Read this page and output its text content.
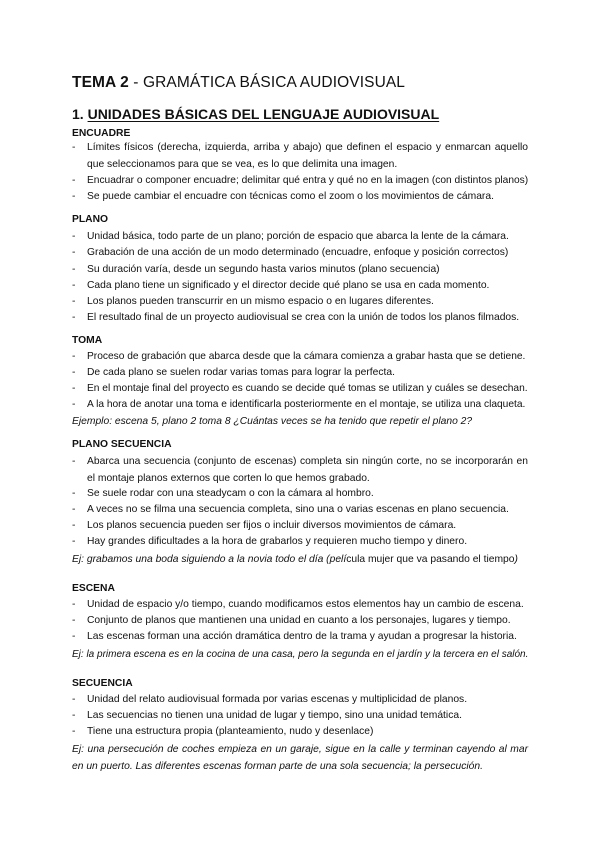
TEMA 2 - GRAMÁTICA BÁSICA AUDIOVISUAL
1. UNIDADES BÁSICAS DEL LENGUAJE AUDIOVISUAL
ENCUADRE
- Límites físicos (derecha, izquierda, arriba y abajo) que definen el espacio y enmarcan aquello que seleccionamos para que se vea, es lo que delimita una imagen.
- Encuadrar o componer encuadre; delimitar qué entra y qué no en la imagen (con distintos planos)
- Se puede cambiar el encuadre con técnicas como el zoom o los movimientos de cámara.
PLANO
- Unidad básica, todo parte de un plano; porción de espacio que abarca la lente de la cámara.
- Grabación de una acción de un modo determinado (encuadre, enfoque y posición correctos)
- Su duración varía, desde un segundo hasta varios minutos (plano secuencia)
- Cada plano tiene un significado y el director decide qué plano se usa en cada momento.
- Los planos pueden transcurrir en un mismo espacio o en lugares diferentes.
- El resultado final de un proyecto audiovisual se crea con la unión de todos los planos filmados.
TOMA
- Proceso de grabación que abarca desde que la cámara comienza a grabar hasta que se detiene.
- De cada plano se suelen rodar varias tomas para lograr la perfecta.
- En el montaje final del proyecto es cuando se decide qué tomas se utilizan y cuáles se desechan.
- A la hora de anotar una toma e identificarla posteriormente en el montaje, se utiliza una claqueta.
Ejemplo: escena 5, plano 2 toma 8 ¿Cuántas veces se ha tenido que repetir el plano 2?
PLANO SECUENCIA
- Abarca una secuencia (conjunto de escenas) completa sin ningún corte, no se incorporarán en el montaje planos externos que corten lo que hemos grabado.
- Se suele rodar con una steadycam o con la cámara al hombro.
- A veces no se filma una secuencia completa, sino una o varias escenas en plano secuencia.
- Los planos secuencia pueden ser fijos o incluir diversos movimientos de cámara.
- Hay grandes dificultades a la hora de grabarlos y requieren mucho tiempo y dinero.
Ej: grabamos una boda siguiendo a la novia todo el día (película mujer que va pasando el tiempo)
ESCENA
- Unidad de espacio y/o tiempo, cuando modificamos estos elementos hay un cambio de escena.
- Conjunto de planos que mantienen una unidad en cuanto a los personajes, lugares y tiempo.
- Las escenas forman una acción dramática dentro de la trama y ayudan a progresar la historia.
Ej: la primera escena es en la cocina de una casa, pero la segunda en el jardín y la tercera en el salón.
SECUENCIA
- Unidad del relato audiovisual formada por varias escenas y multiplicidad de planos.
- Las secuencias no tienen una unidad de lugar y tiempo, sino una unidad temática.
- Tiene una estructura propia (planteamiento, nudo y desenlace)
Ej: una persecución de coches empieza en un garaje, sigue en la calle y terminan cayendo al mar en un puerto. Las diferentes escenas forman parte de una sola secuencia; la persecución.
